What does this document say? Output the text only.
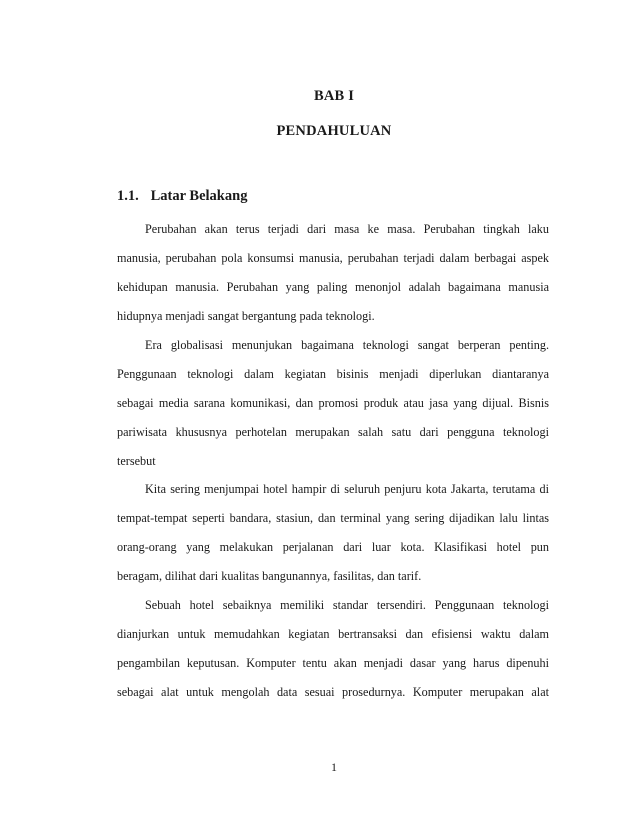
BAB I
PENDAHULUAN
1.1. Latar Belakang
Perubahan akan terus terjadi dari masa ke masa. Perubahan tingkah laku
manusia, perubahan pola konsumsi manusia, perubahan terjadi dalam berbagai aspek
kehidupan manusia. Perubahan yang paling menonjol adalah bagaimana manusia
hidupnya menjadi sangat bergantung pada teknologi.
Era globalisasi menunjukan bagaimana teknologi sangat berperan penting.
Penggunaan teknologi dalam kegiatan bisinis menjadi diperlukan diantaranya
sebagai media sarana komunikasi, dan promosi produk atau jasa yang dijual. Bisnis
pariwisata khususnya perhotelan merupakan salah satu dari pengguna teknologi
tersebut
Kita sering menjumpai hotel hampir di seluruh penjuru kota Jakarta, terutama di
tempat-tempat seperti bandara, stasiun, dan terminal yang sering dijadikan lalu lintas
orang-orang yang melakukan perjalanan dari luar kota. Klasifikasi hotel pun
beragam, dilihat dari kualitas bangunannya, fasilitas, dan tarif.
Sebuah hotel sebaiknya memiliki standar tersendiri. Penggunaan teknologi
dianjurkan untuk memudahkan kegiatan bertransaksi dan efisiensi waktu dalam
pengambilan keputusan. Komputer tentu akan menjadi dasar yang harus dipenuhi
sebagai alat untuk mengolah data sesuai prosedurnya. Komputer merupakan alat
1
